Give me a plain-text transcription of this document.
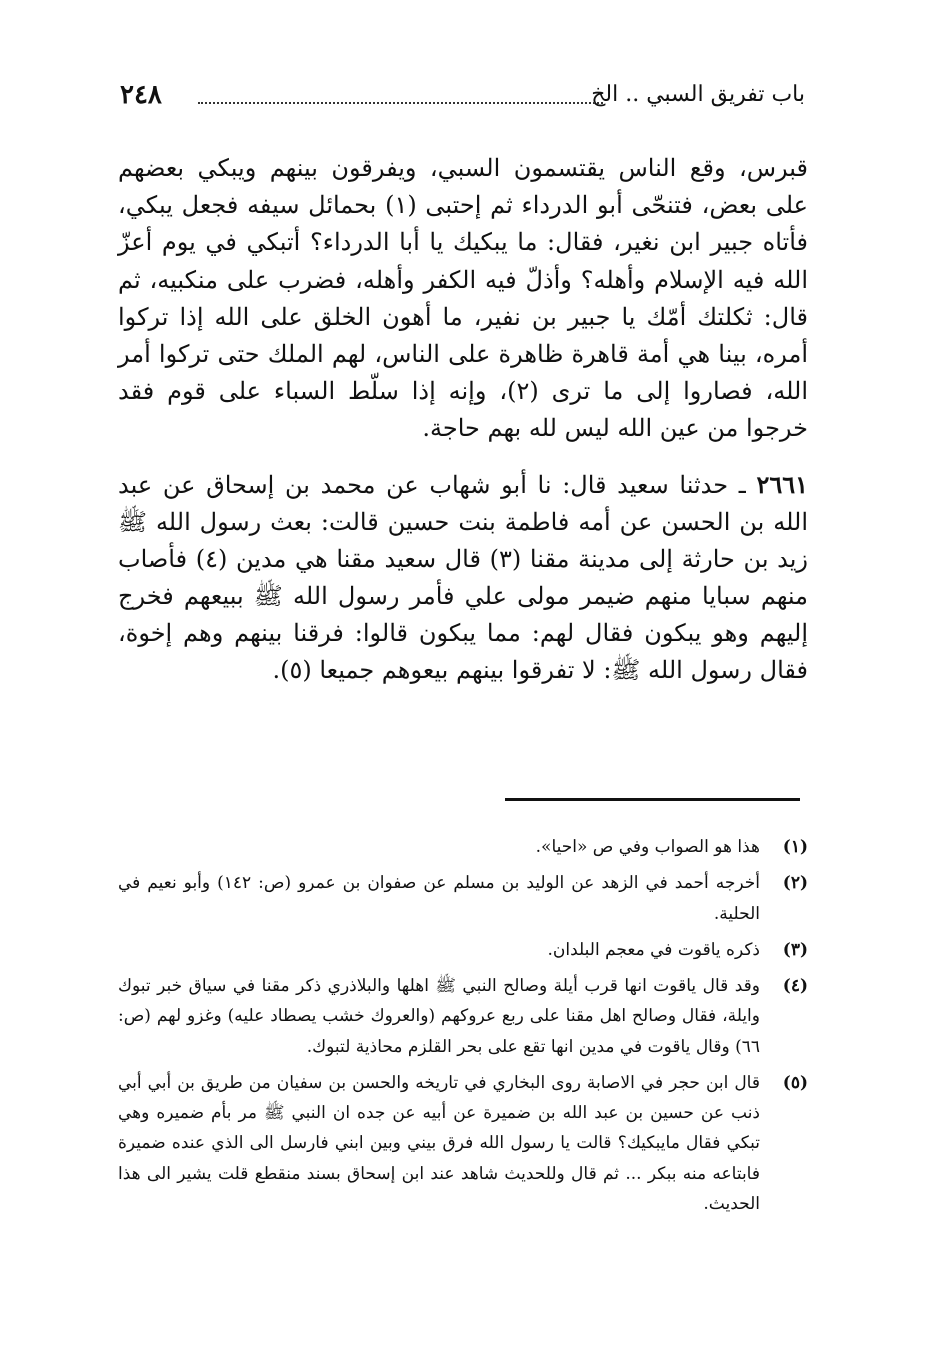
باب تفريق السبي .. الخ
٢٤٨

قبرس، وقع الناس يقتسمون السبي، ويفرقون بينهم ويبكي بعضهم على بعض، فتنحّى أبو الدرداء ثم إحتبى (١) بحمائل سيفه فجعل يبكي، فأتاه جبير ابن نغير، فقال: ما يبكيك يا أبا الدرداء؟ أتبكي في يوم أعزّ الله فيه الإسلام وأهله؟ وأذلّ فيه الكفر وأهله، فضرب على منكبيه، ثم قال: ثكلتك أمّك يا جبير بن نفير، ما أهون الخلق على الله إذا تركوا أمره، بينا هي أمة قاهرة ظاهرة على الناس، لهم الملك حتى تركوا أمر الله، فصاروا إلى ما ترى (٢)، وإنه إذا سلّط السباء على قوم فقد خرجوا من عين الله ليس لله بهم حاجة.

٢٦٦١ ـ حدثنا سعيد قال: نا أبو شهاب عن محمد بن إسحاق عن عبد الله بن الحسن عن أمه فاطمة بنت حسين قالت: بعث رسول الله ﷺ زيد بن حارثة إلى مدينة مقنا (٣) قال سعيد مقنا هي مدين (٤) فأصاب منهم سبايا منهم ضيمر مولى علي فأمر رسول الله ﷺ ببيعهم فخرج إليهم وهو يبكون فقال لهم: مما يبكون قالوا: فرقنا بينهم وهم إخوة، فقال رسول الله ﷺ: لا تفرقوا بينهم بيعوهم جميعا (٥).

(١)
هذا هو الصواب وفي ص «احيا».
(٢)
أخرجه أحمد في الزهد عن الوليد بن مسلم عن صفوان بن عمرو (ص: ١٤٢) وأبو نعيم في الحلية.
(٣)
ذكره ياقوت في معجم البلدان.
(٤)
وقد قال ياقوت انها قرب أيلة وصالح النبي ﷺ اهلها والبلاذري ذكر مقنا في سياق خبر تبوك وايلة، فقال وصالح اهل مقنا على ربع عروكهم (والعروك خشب يصطاد عليه) وغزو لهم (ص: ٦٦) وقال ياقوت في مدين انها تقع على بحر القلزم محاذية لتبوك.
(٥)
قال ابن حجر في الاصابة روى البخاري في تاريخه والحسن بن سفيان من طريق بن أبي أبي ذنب عن حسين بن عبد الله بن ضميرة عن أبيه عن جده ان النبي ﷺ مر بأم ضميره وهي تبكي فقال مايبكيك؟ قالت يا رسول الله فرق بيني وبين ابني فارسل الى الذي عنده ضميرة فابتاعه منه ببكر ... ثم قال وللحديث شاهد عند ابن إسحاق بسند منقطع قلت يشير الى هذا الحديث.
